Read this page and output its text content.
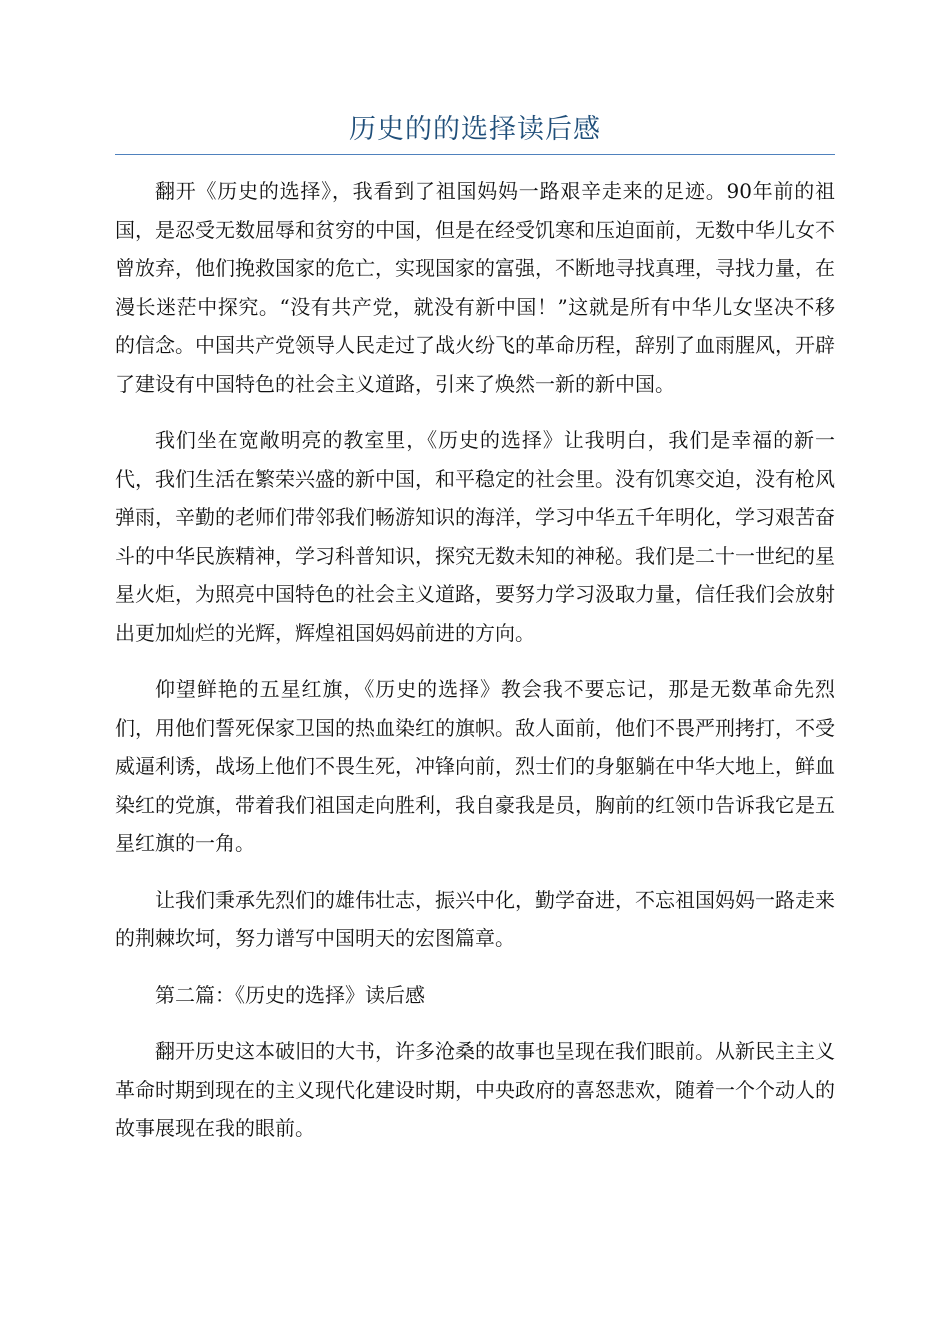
历史的的选择读后感

翻开《历史的选择》，我看到了祖国妈妈一路艰辛走来的足迹。90年前的祖国，是忍受无数屈辱和贫穷的中国，但是在经受饥寒和压迫面前，无数中华儿女不曾放弃，他们挽救国家的危亡，实现国家的富强，不断地寻找真理，寻找力量，在漫长迷茫中探究。“没有共产党，就没有新中国！”这就是所有中华儿女坚决不移的信念。中国共产党领导人民走过了战火纷飞的革命历程，辞别了血雨腥风，开辟了建设有中国特色的社会主义道路，引来了焕然一新的新中国。

我们坐在宽敞明亮的教室里，《历史的选择》让我明白，我们是幸福的新一代，我们生活在繁荣兴盛的新中国，和平稳定的社会里。没有饥寒交迫，没有枪风弹雨，辛勤的老师们带邻我们畅游知识的海洋，学习中华五千年明化，学习艰苦奋斗的中华民族精神，学习科普知识，探究无数未知的神秘。我们是二十一世纪的星星火炬，为照亮中国特色的社会主义道路，要努力学习汲取力量，信任我们会放射出更加灿烂的光辉，辉煌祖国妈妈前进的方向。

仰望鲜艳的五星红旗，《历史的选择》教会我不要忘记，那是无数革命先烈们，用他们誓死保家卫国的热血染红的旗帜。敌人面前，他们不畏严刑拷打，不受威逼利诱，战场上他们不畏生死，冲锋向前，烈士们的身躯躺在中华大地上，鲜血染红的党旗，带着我们祖国走向胜利，我自豪我是员，胸前的红领巾告诉我它是五星红旗的一角。

让我们秉承先烈们的雄伟壮志，振兴中化，勤学奋进，不忘祖国妈妈一路走来的荆棘坎坷，努力谱写中国明天的宏图篇章。

第二篇：《历史的选择》读后感

翻开历史这本破旧的大书，许多沧桑的故事也呈现在我们眼前。从新民主主义革命时期到现在的主义现代化建设时期，中央政府的喜怒悲欢，随着一个个动人的故事展现在我的眼前。
